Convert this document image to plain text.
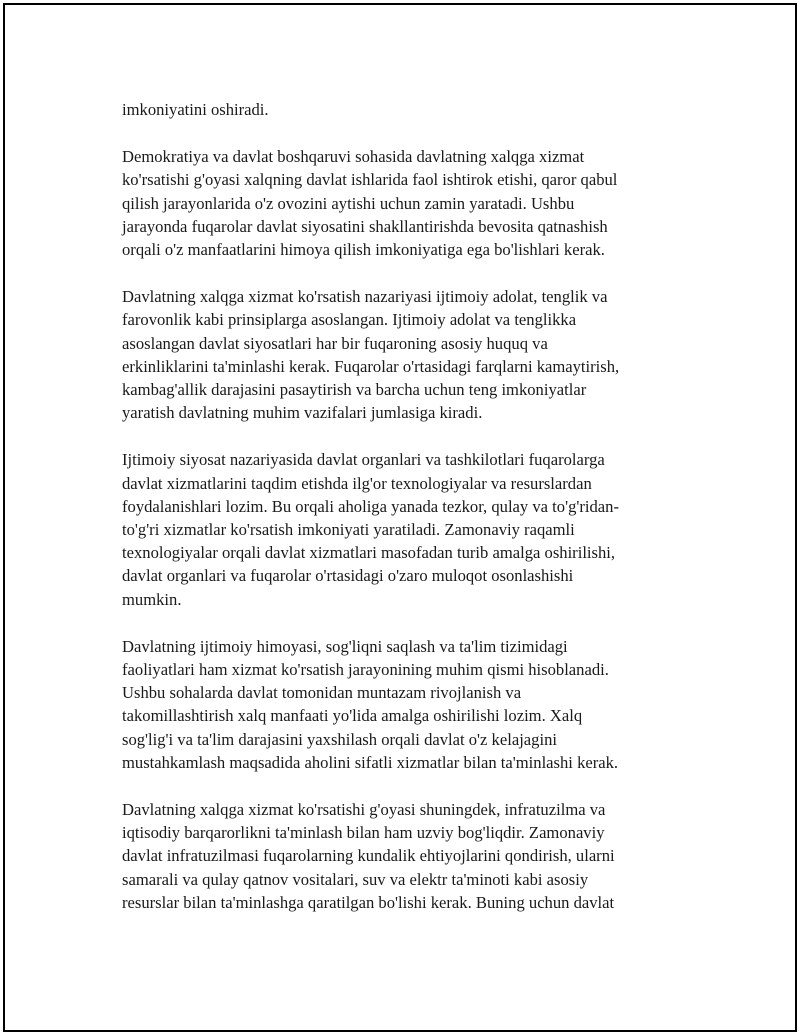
imkoniyatini oshiradi.

Demokratiya va davlat boshqaruvi sohasida davlatning xalqga xizmat
ko'rsatishi g'oyasi xalqning davlat ishlarida faol ishtirok etishi, qaror qabul
qilish jarayonlarida o'z ovozini aytishi uchun zamin yaratadi. Ushbu
jarayonda fuqarolar davlat siyosatini shakllantirishda bevosita qatnashish
orqali o'z manfaatlarini himoya qilish imkoniyatiga ega bo'lishlari kerak.

Davlatning xalqga xizmat ko'rsatish nazariyasi ijtimoiy adolat, tenglik va
farovonlik kabi prinsiplarga asoslangan. Ijtimoiy adolat va tenglikka
asoslangan davlat siyosatlari har bir fuqaroning asosiy huquq va
erkinliklarini ta'minlashi kerak. Fuqarolar o'rtasidagi farqlarni kamaytirish,
kambag'allik darajasini pasaytirish va barcha uchun teng imkoniyatlar
yaratish davlatning muhim vazifalari jumlasiga kiradi.

Ijtimoiy siyosat nazariyasida davlat organlari va tashkilotlari fuqarolarga
davlat xizmatlarini taqdim etishda ilg'or texnologiyalar va resurslardan
foydalanishlari lozim. Bu orqali aholiga yanada tezkor, qulay va to'g'ridan-
to'g'ri xizmatlar ko'rsatish imkoniyati yaratiladi. Zamonaviy raqamli
texnologiyalar orqali davlat xizmatlari masofadan turib amalga oshirilishi,
davlat organlari va fuqarolar o'rtasidagi o'zaro muloqot osonlashishi
mumkin.

Davlatning ijtimoiy himoyasi, sog'liqni saqlash va ta'lim tizimidagi
faoliyatlari ham xizmat ko'rsatish jarayonining muhim qismi hisoblanadi.
Ushbu sohalarda davlat tomonidan muntazam rivojlanish va
takomillashtirish xalq manfaati yo'lida amalga oshirilishi lozim. Xalq
sog'lig'i va ta'lim darajasini yaxshilash orqali davlat o'z kelajagini
mustahkamlash maqsadida aholini sifatli xizmatlar bilan ta'minlashi kerak.

Davlatning xalqga xizmat ko'rsatishi g'oyasi shuningdek, infratuzilma va
iqtisodiy barqarorlikni ta'minlash bilan ham uzviy bog'liqdir. Zamonaviy
davlat infratuzilmasi fuqarolarning kundalik ehtiyojlarini qondirish, ularni
samarali va qulay qatnov vositalari, suv va elektr ta'minoti kabi asosiy
resurslar bilan ta'minlashga qaratilgan bo'lishi kerak. Buning uchun davlat
